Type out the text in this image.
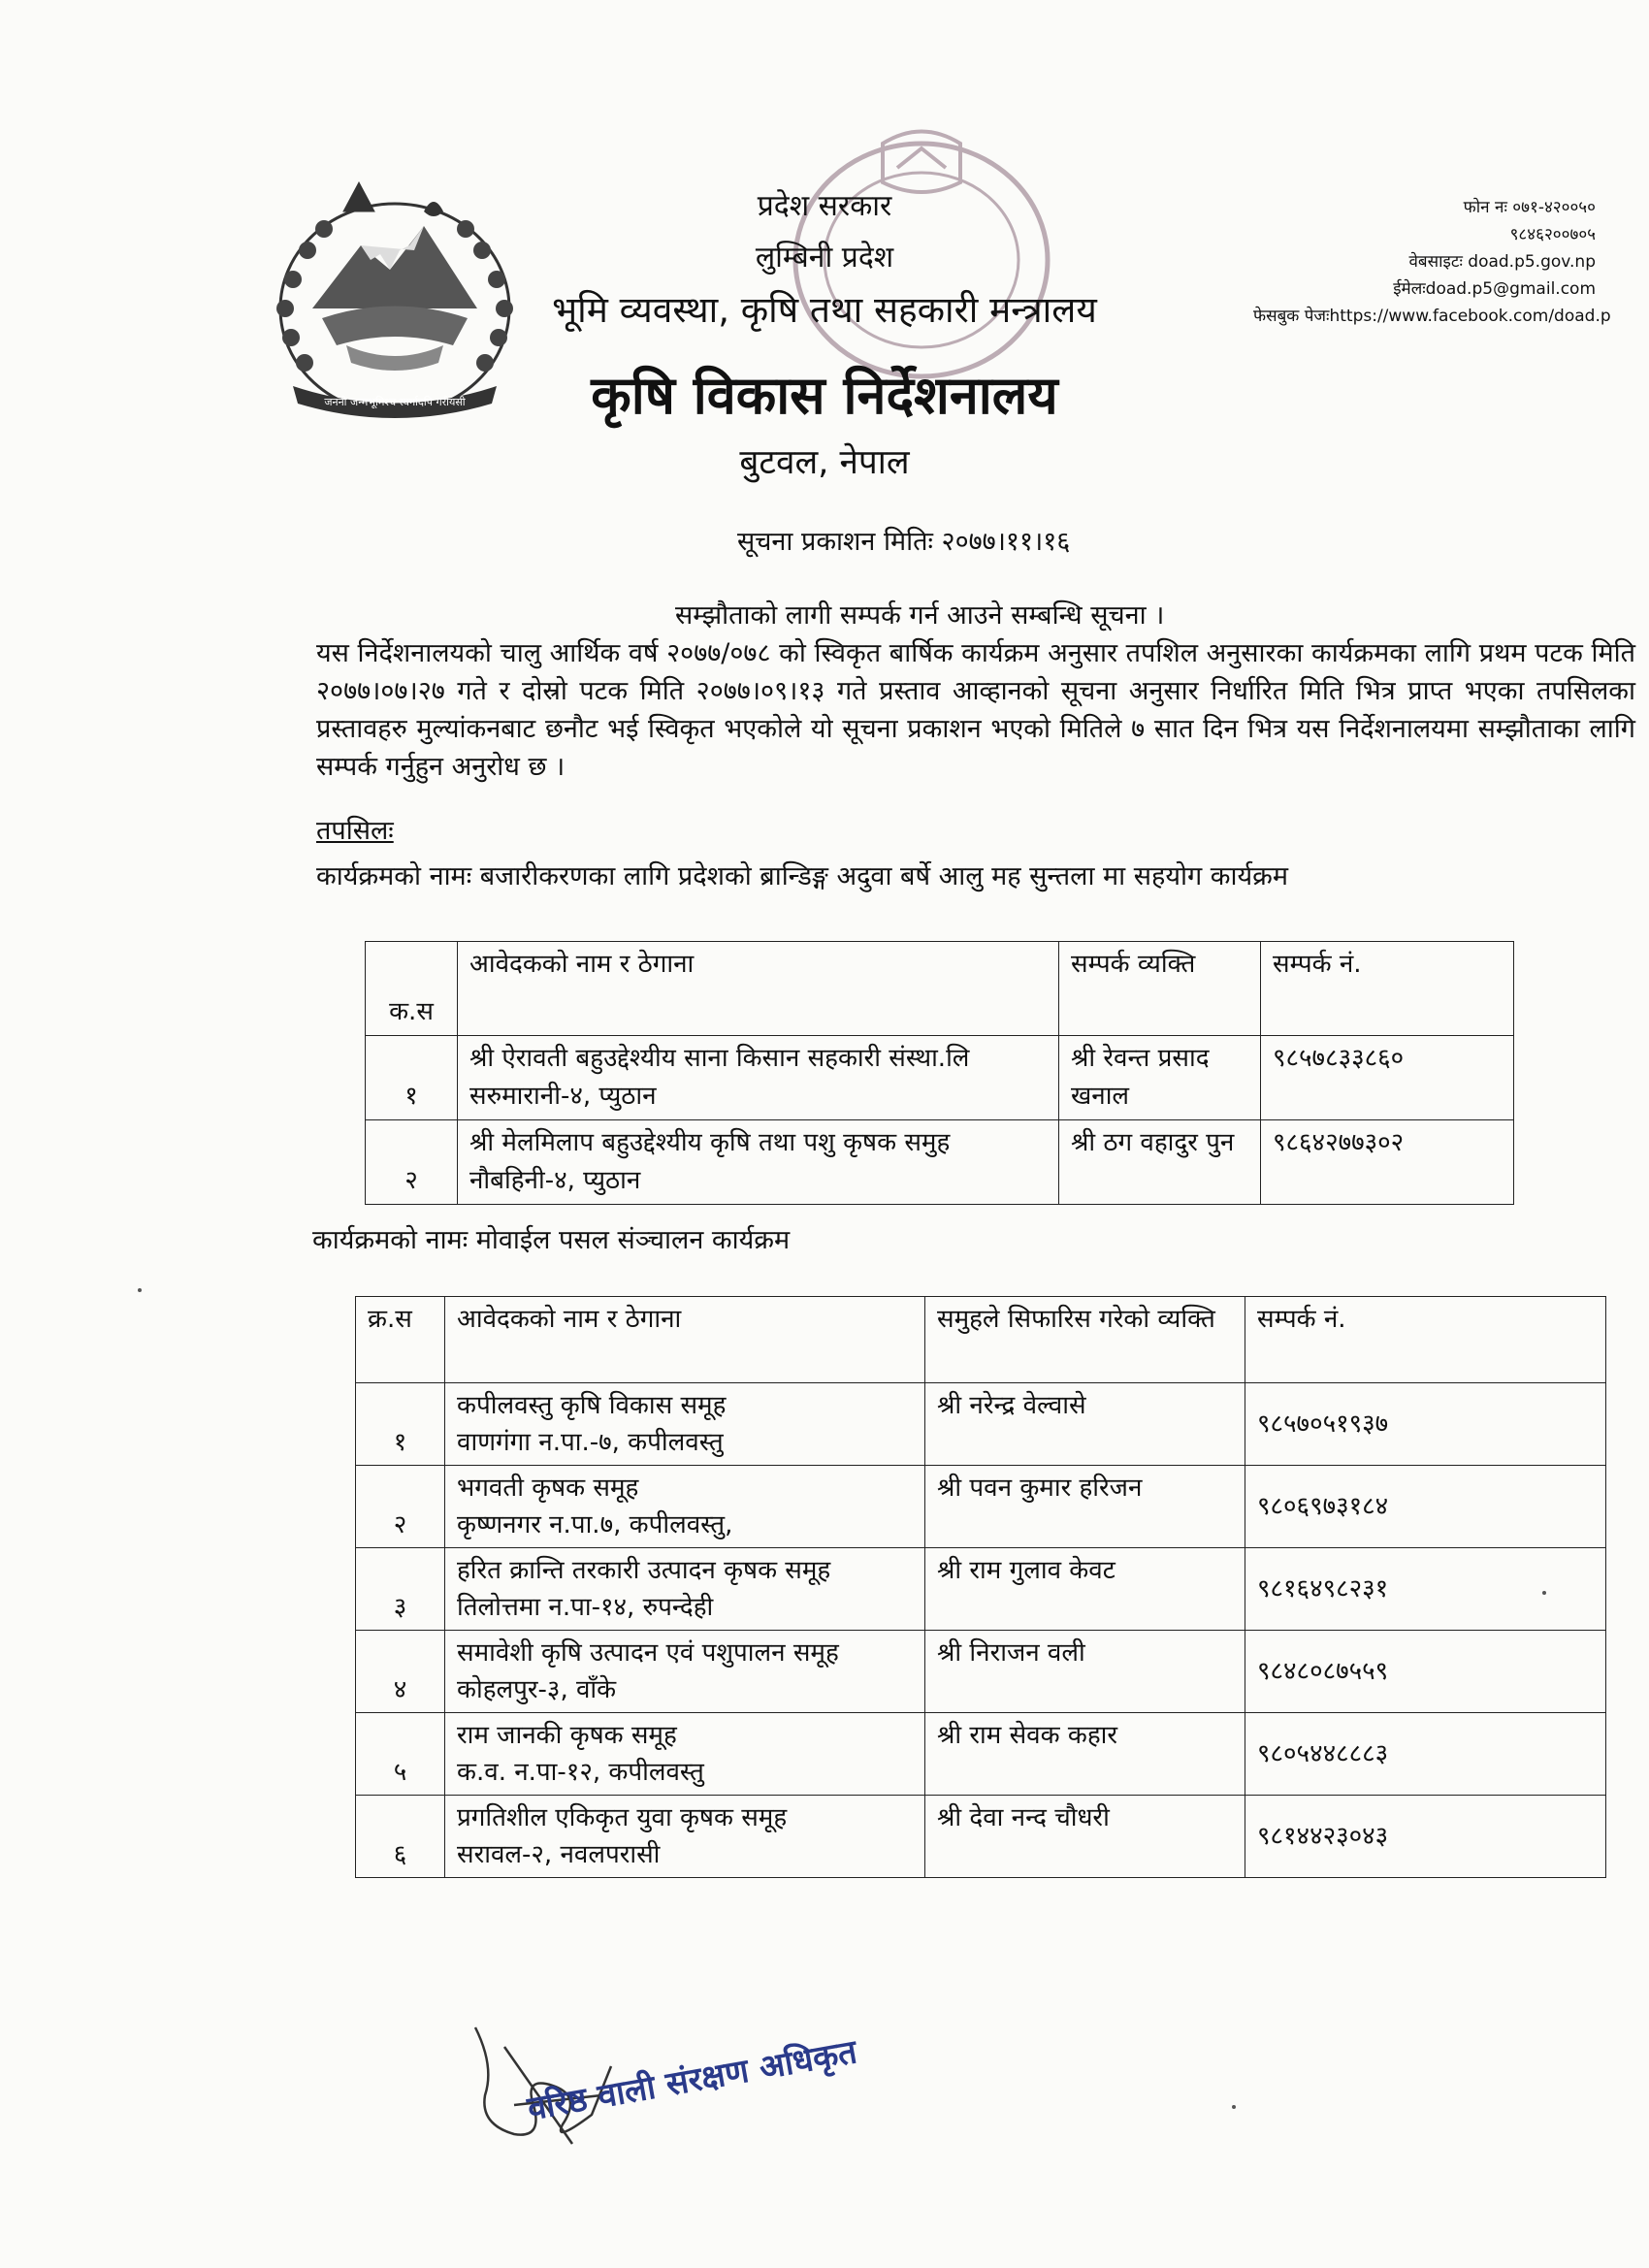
जननी जन्मभूमिश्च स्वर्गादपि गरीयसी
प्रदेश सरकार
लुम्बिनी प्रदेश
भूमि व्यवस्था, कृषि तथा सहकारी मन्त्रालय
कृषि विकास निर्देशनालय
बुटवल, नेपाल
फोन नः ०७१-४२००५०
९८४६२००७०५
वेबसाइटः doad.p5.gov.np
ईमेलःdoad.p5@gmail.com
फेसबुक पेजःhttps://www.facebook.com/doad.p
सूचना प्रकाशन मितिः २०७७।११।१६
सम्झौताको लागी सम्पर्क गर्न आउने सम्बन्धि सूचना ।
यस निर्देशनालयको चालु आर्थिक वर्ष २०७७/०७८ को स्विकृत बार्षिक कार्यक्रम अनुसार तपशिल अनुसारका कार्यक्रमका लागि प्रथम पटक मिति २०७७।०७।२७ गते र दोस्रो पटक मिति २०७७।०९।१३ गते प्रस्ताव आव्हानको सूचना अनुसार निर्धारित मिति भित्र प्राप्त भएका तपसिलका प्रस्तावहरु मुल्यांकनबाट छनौट भई स्विकृत भएकोले यो सूचना प्रकाशन भएको मितिले ७ सात दिन भित्र यस निर्देशनालयमा सम्झौताका लागि सम्पर्क गर्नुहुन अनुरोध छ ।
तपसिलः
कार्यक्रमको नामः बजारीकरणका लागि प्रदेशको ब्रान्डिङ्ग अदुवा बर्षे आलु मह सुन्तला मा सहयोग कार्यक्रम
क.स	आवेदकको नाम र ठेगाना	सम्पर्क व्यक्ति	सम्पर्क नं.
१	श्री ऐरावती बहुउद्देश्यीय साना किसान सहकारी संस्था.लि
सरुमारानी-४, प्युठान	श्री रेवन्त प्रसाद खनाल	९८५७८३३८६०
२	श्री मेलमिलाप बहुउद्देश्यीय कृषि तथा पशु कृषक समुह
नौबहिनी-४, प्युठान	श्री ठग वहादुर पुन	९८६४२७७३०२
कार्यक्रमको नामः मोवाईल पसल संञ्चालन कार्यक्रम
क्र.स	आवेदकको नाम र ठेगाना	समुहले सिफारिस गरेको व्यक्ति	सम्पर्क नं.
१	कपीलवस्तु कृषि विकास समूह
वाणगंगा न.पा.-७, कपीलवस्तु	श्री नरेन्द्र वेल्वासे	९८५७०५१९३७
२	भगवती कृषक समूह
कृष्णनगर न.पा.७, कपीलवस्तु,	श्री पवन कुमार हरिजन	९८०६९७३१८४
३	हरित क्रान्ति तरकारी उत्पादन कृषक समूह
तिलोत्तमा न.पा-१४, रुपन्देही	श्री राम गुलाव केवट	९८१६४९८२३१
४	समावेशी कृषि उत्पादन एवं पशुपालन समूह
कोहलपुर-३, वाँके	श्री निराजन वली	९८४८०८७५५९
५	राम जानकी कृषक समूह
क.व. न.पा-१२, कपीलवस्तु	श्री राम सेवक कहार	९८०५४४८८८३
६	प्रगतिशील एकिकृत युवा कृषक समूह
सरावल-२, नवलपरासी	श्री देवा नन्द चौधरी	९८१४४२३०४३
वरिष्ठ वाली संरक्षण अधिकृत
